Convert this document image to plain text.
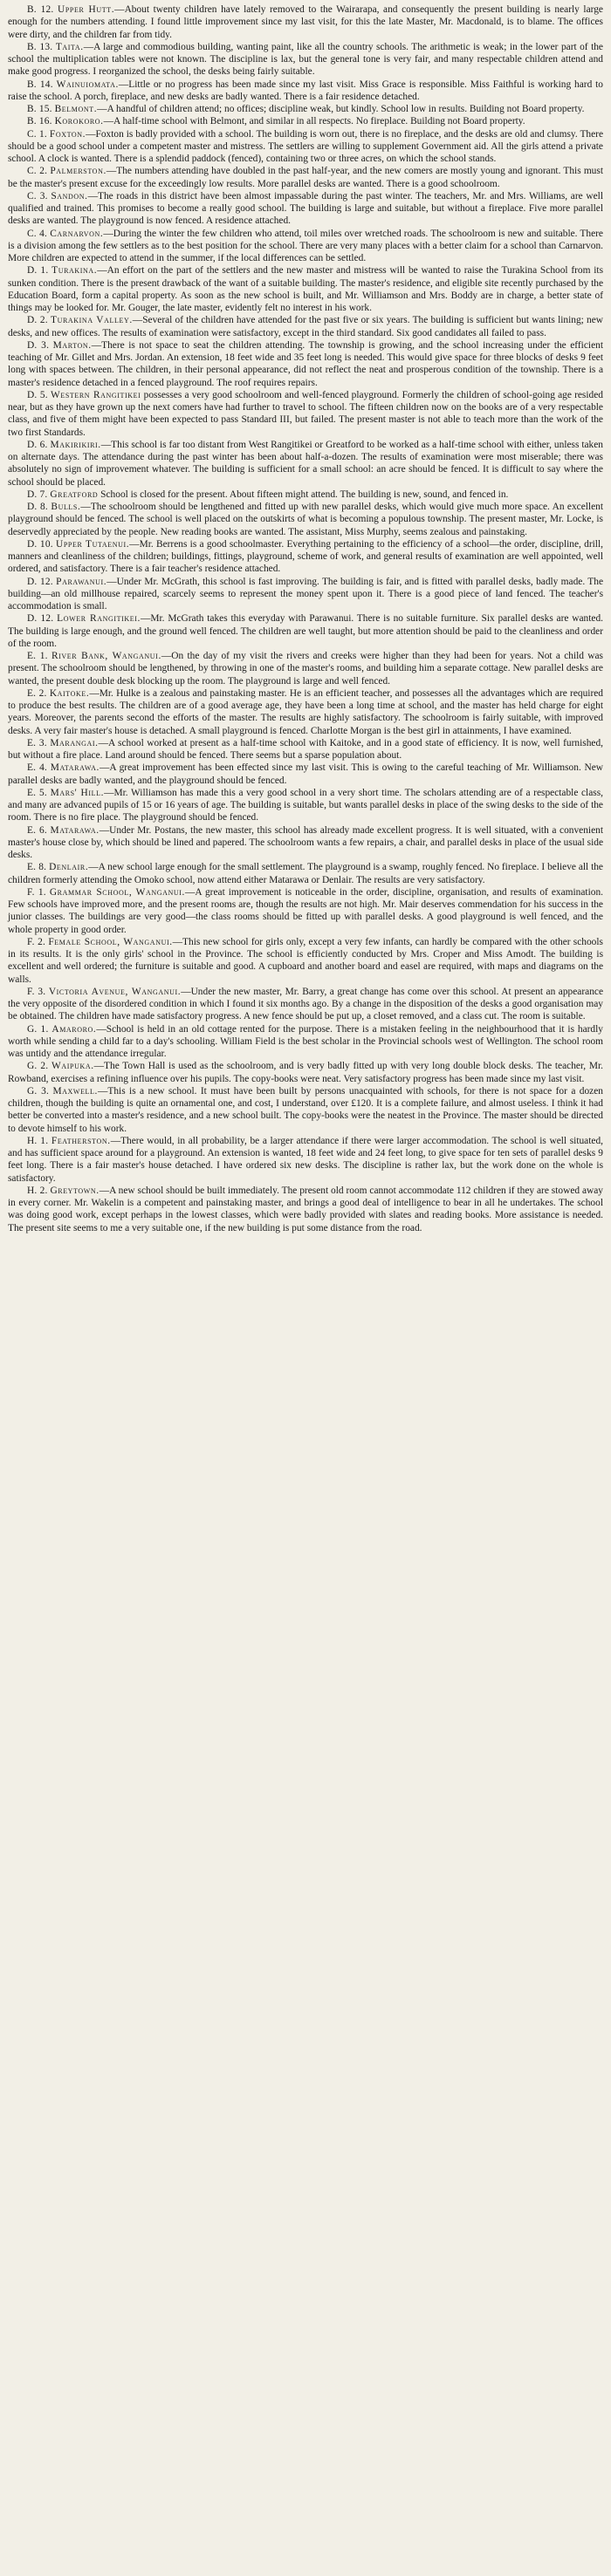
B. 12. Upper Hutt.—About twenty children have lately removed to the Wairarapa, and consequently the present building is nearly large enough for the numbers attending. I found little improvement since my last visit, for this the late Master, Mr. Macdonald, is to blame. The offices were dirty, and the children far from tidy.

B. 13. Taita.—A large and commodious building, wanting paint, like all the country schools. The arithmetic is weak; in the lower part of the school the multiplication tables were not known. The discipline is lax, but the general tone is very fair, and many respectable children attend and make good progress. I reorganized the school, the desks being fairly suitable.

B. 14. Wainuiomata.—Little or no progress has been made since my last visit. Miss Grace is responsible. Miss Faithful is working hard to raise the school. A porch, fireplace, and new desks are badly wanted. There is a fair residence detached.

B. 15. Belmont.—A handful of children attend; no offices; discipline weak, but kindly. School low in results. Building not Board property.

B. 16. Korokoro.—A half-time school with Belmont, and similar in all respects. No fireplace. Building not Board property.

C. 1. Foxton.—Foxton is badly provided with a school. The building is worn out, there is no fireplace, and the desks are old and clumsy. There should be a good school under a competent master and mistress. The settlers are willing to supplement Government aid. All the girls attend a private school. A clock is wanted. There is a splendid paddock (fenced), containing two or three acres, on which the school stands.

C. 2. Palmerston.—The numbers attending have doubled in the past half-year, and the new comers are mostly young and ignorant. This must be the master's present excuse for the exceedingly low results. More parallel desks are wanted. There is a good schoolroom.

C. 3. Sandon.—The roads in this district have been almost impassable during the past winter. The teachers, Mr. and Mrs. Williams, are well qualified and trained. This promises to become a really good school. The building is large and suitable, but without a fireplace. Five more parallel desks are wanted. The playground is now fenced. A residence attached.

C. 4. Carnarvon.—During the winter the few children who attend, toil miles over wretched roads. The schoolroom is new and suitable. There is a division among the few settlers as to the best position for the school. There are very many places with a better claim for a school than Carnarvon. More children are expected to attend in the summer, if the local differences can be settled.

D. 1. Turakina.—An effort on the part of the settlers and the new master and mistress will be wanted to raise the Turakina School from its sunken condition. There is the present drawback of the want of a suitable building. The master's residence, and eligible site recently purchased by the Education Board, form a capital property. As soon as the new school is built, and Mr. Williamson and Mrs. Boddy are in charge, a better state of things may be looked for. Mr. Gouger, the late master, evidently felt no interest in his work.

D. 2. Turakina Valley.—Several of the children have attended for the past five or six years. The building is sufficient but wants lining; new desks, and new offices. The results of examination were satisfactory, except in the third standard. Six good candidates all failed to pass.

D. 3. Marton.—There is not space to seat the children attending. The township is growing, and the school increasing under the efficient teaching of Mr. Gillet and Mrs. Jordan. An extension, 18 feet wide and 35 feet long is needed. This would give space for three blocks of desks 9 feet long with spaces between. The children, in their personal appearance, did not reflect the neat and prosperous condition of the township. There is a master's residence detached in a fenced playground. The roof requires repairs.

D. 5. Western Rangitikei possesses a very good schoolroom and well-fenced playground. Formerly the children of school-going age resided near, but as they have grown up the next comers have had further to travel to school. The fifteen children now on the books are of a very respectable class, and five of them might have been expected to pass Standard III, but failed. The present master is not able to teach more than the work of the two first Standards.

D. 6. Makirikiri.—This school is far too distant from West Rangitikei or Greatford to be worked as a half-time school with either, unless taken on alternate days. The attendance during the past winter has been about half-a-dozen. The results of examination were most miserable; there was absolutely no sign of improvement whatever. The building is sufficient for a small school: an acre should be fenced. It is difficult to say where the school should be placed.

D. 7. Greatford School is closed for the present. About fifteen might attend. The building is new, sound, and fenced in.

D. 8. Bulls.—The schoolroom should be lengthened and fitted up with new parallel desks, which would give much more space. An excellent playground should be fenced. The school is well placed on the outskirts of what is becoming a populous township. The present master, Mr. Locke, is deservedly appreciated by the people. New reading books are wanted. The assistant, Miss Murphy, seems zealous and painstaking.

D. 10. Upper Tutaenui.—Mr. Berrens is a good schoolmaster. Everything pertaining to the efficiency of a school—the order, discipline, drill, manners and cleanliness of the children; buildings, fittings, playground, scheme of work, and general results of examination are well appointed, well ordered, and satisfactory. There is a fair teacher's residence attached.

D. 12. Parawanui.—Under Mr. McGrath, this school is fast improving. The building is fair, and is fitted with parallel desks, badly made. The building—an old millhouse repaired, scarcely seems to represent the money spent upon it. There is a good piece of land fenced. The teacher's accommodation is small.

D. 12. Lower Rangitikei.—Mr. McGrath takes this everyday with Parawanui. There is no suitable furniture. Six parallel desks are wanted. The building is large enough, and the ground well fenced. The children are well taught, but more attention should be paid to the cleanliness and order of the room.

E. 1. River Bank, Wanganui.—On the day of my visit the rivers and creeks were higher than they had been for years. Not a child was present. The schoolroom should be lengthened, by throwing in one of the master's rooms, and building him a separate cottage. New parallel desks are wanted, the present double desk blocking up the room. The playground is large and well fenced.

E. 2. Kaitoke.—Mr. Hulke is a zealous and painstaking master. He is an efficient teacher, and possesses all the advantages which are required to produce the best results. The children are of a good average age, they have been a long time at school, and the master has held charge for eight years. Moreover, the parents second the efforts of the master. The results are highly satisfactory. The schoolroom is fairly suitable, with improved desks. A very fair master's house is detached. A small playground is fenced. Charlotte Morgan is the best girl in attainments, I have examined.

E. 3. Marangai.—A school worked at present as a half-time school with Kaitoke, and in a good state of efficiency. It is now, well furnished, but without a fire place. Land around should be fenced. There seems but a sparse population about.

E. 4. Matarawa.—A great improvement has been effected since my last visit. This is owing to the careful teaching of Mr. Williamson. New parallel desks are badly wanted, and the playground should be fenced.

E. 5. Mars' Hill.—Mr. Williamson has made this a very good school in a very short time. The scholars attending are of a respectable class, and many are advanced pupils of 15 or 16 years of age. The building is suitable, but wants parallel desks in place of the swing desks to the side of the room. There is no fire place. The playground should be fenced.

E. 6. Matarawa.—Under Mr. Postans, the new master, this school has already made excellent progress. It is well situated, with a convenient master's house close by, which should be lined and papered. The schoolroom wants a few repairs, a chair, and parallel desks in place of the usual side desks.

E. 8. Denlair.—A new school large enough for the small settlement. The playground is a swamp, roughly fenced. No fireplace. I believe all the children formerly attending the Omoko school, now attend either Matarawa or Denlair. The results are very satisfactory.

F. 1. Grammar School, Wanganui.—A great improvement is noticeable in the order, discipline, organisation, and results of examination. Few schools have improved more, and the present rooms are, though the results are not high. Mr. Mair deserves commendation for his success in the junior classes. The buildings are very good—the class rooms should be fitted up with parallel desks. A good playground is well fenced, and the whole property in good order.

F. 2. Female School, Wanganui.—This new school for girls only, except a very few infants, can hardly be compared with the other schools in its results. It is the only girls' school in the Province. The school is efficiently conducted by Mrs. Croper and Miss Amodt. The building is excellent and well ordered; the furniture is suitable and good. A cupboard and another board and easel are required, with maps and diagrams on the walls.

F. 3. Victoria Avenue, Wanganui.—Under the new master, Mr. Barry, a great change has come over this school. At present an appearance the very opposite of the disordered condition in which I found it six months ago. By a change in the disposition of the desks a good organisation may be obtained. The children have made satisfactory progress. A new fence should be put up, a closet removed, and a class cut. The room is suitable.

G. 1. Amaroro.—School is held in an old cottage rented for the purpose. There is a mistaken feeling in the neighbourhood that it is hardly worth while sending a child far to a day's schooling. William Field is the best scholar in the Provincial schools west of Wellington. The school room was untidy and the attendance irregular.

G. 2. Waipuka.—The Town Hall is used as the schoolroom, and is very badly fitted up with very long double block desks. The teacher, Mr. Rowband, exercises a refining influence over his pupils. The copy-books were neat. Very satisfactory progress has been made since my last visit.

G. 3. Maxwell.—This is a new school. It must have been built by persons unacquainted with schools, for there is not space for a dozen children, though the building is quite an ornamental one, and cost, I understand, over £120. It is a complete failure, and almost useless. I think it had better be converted into a master's residence, and a new school built. The copy-books were the neatest in the Province. The master should be directed to devote himself to his work.

H. 1. Featherston.—There would, in all probability, be a larger attendance if there were larger accommodation. The school is well situated, and has sufficient space around for a playground. An extension is wanted, 18 feet wide and 24 feet long, to give space for ten sets of parallel desks 9 feet long. There is a fair master's house detached. I have ordered six new desks. The discipline is rather lax, but the work done on the whole is satisfactory.

H. 2. Greytown.—A new school should be built immediately. The present old room cannot accommodate 112 children if they are stowed away in every corner. Mr. Wakelin is a competent and painstaking master, and brings a good deal of intelligence to bear in all he undertakes. The school was doing good work, except perhaps in the lowest classes, which were badly provided with slates and reading books. More assistance is needed. The present site seems to me a very suitable one, if the new building is put some distance from the road.
